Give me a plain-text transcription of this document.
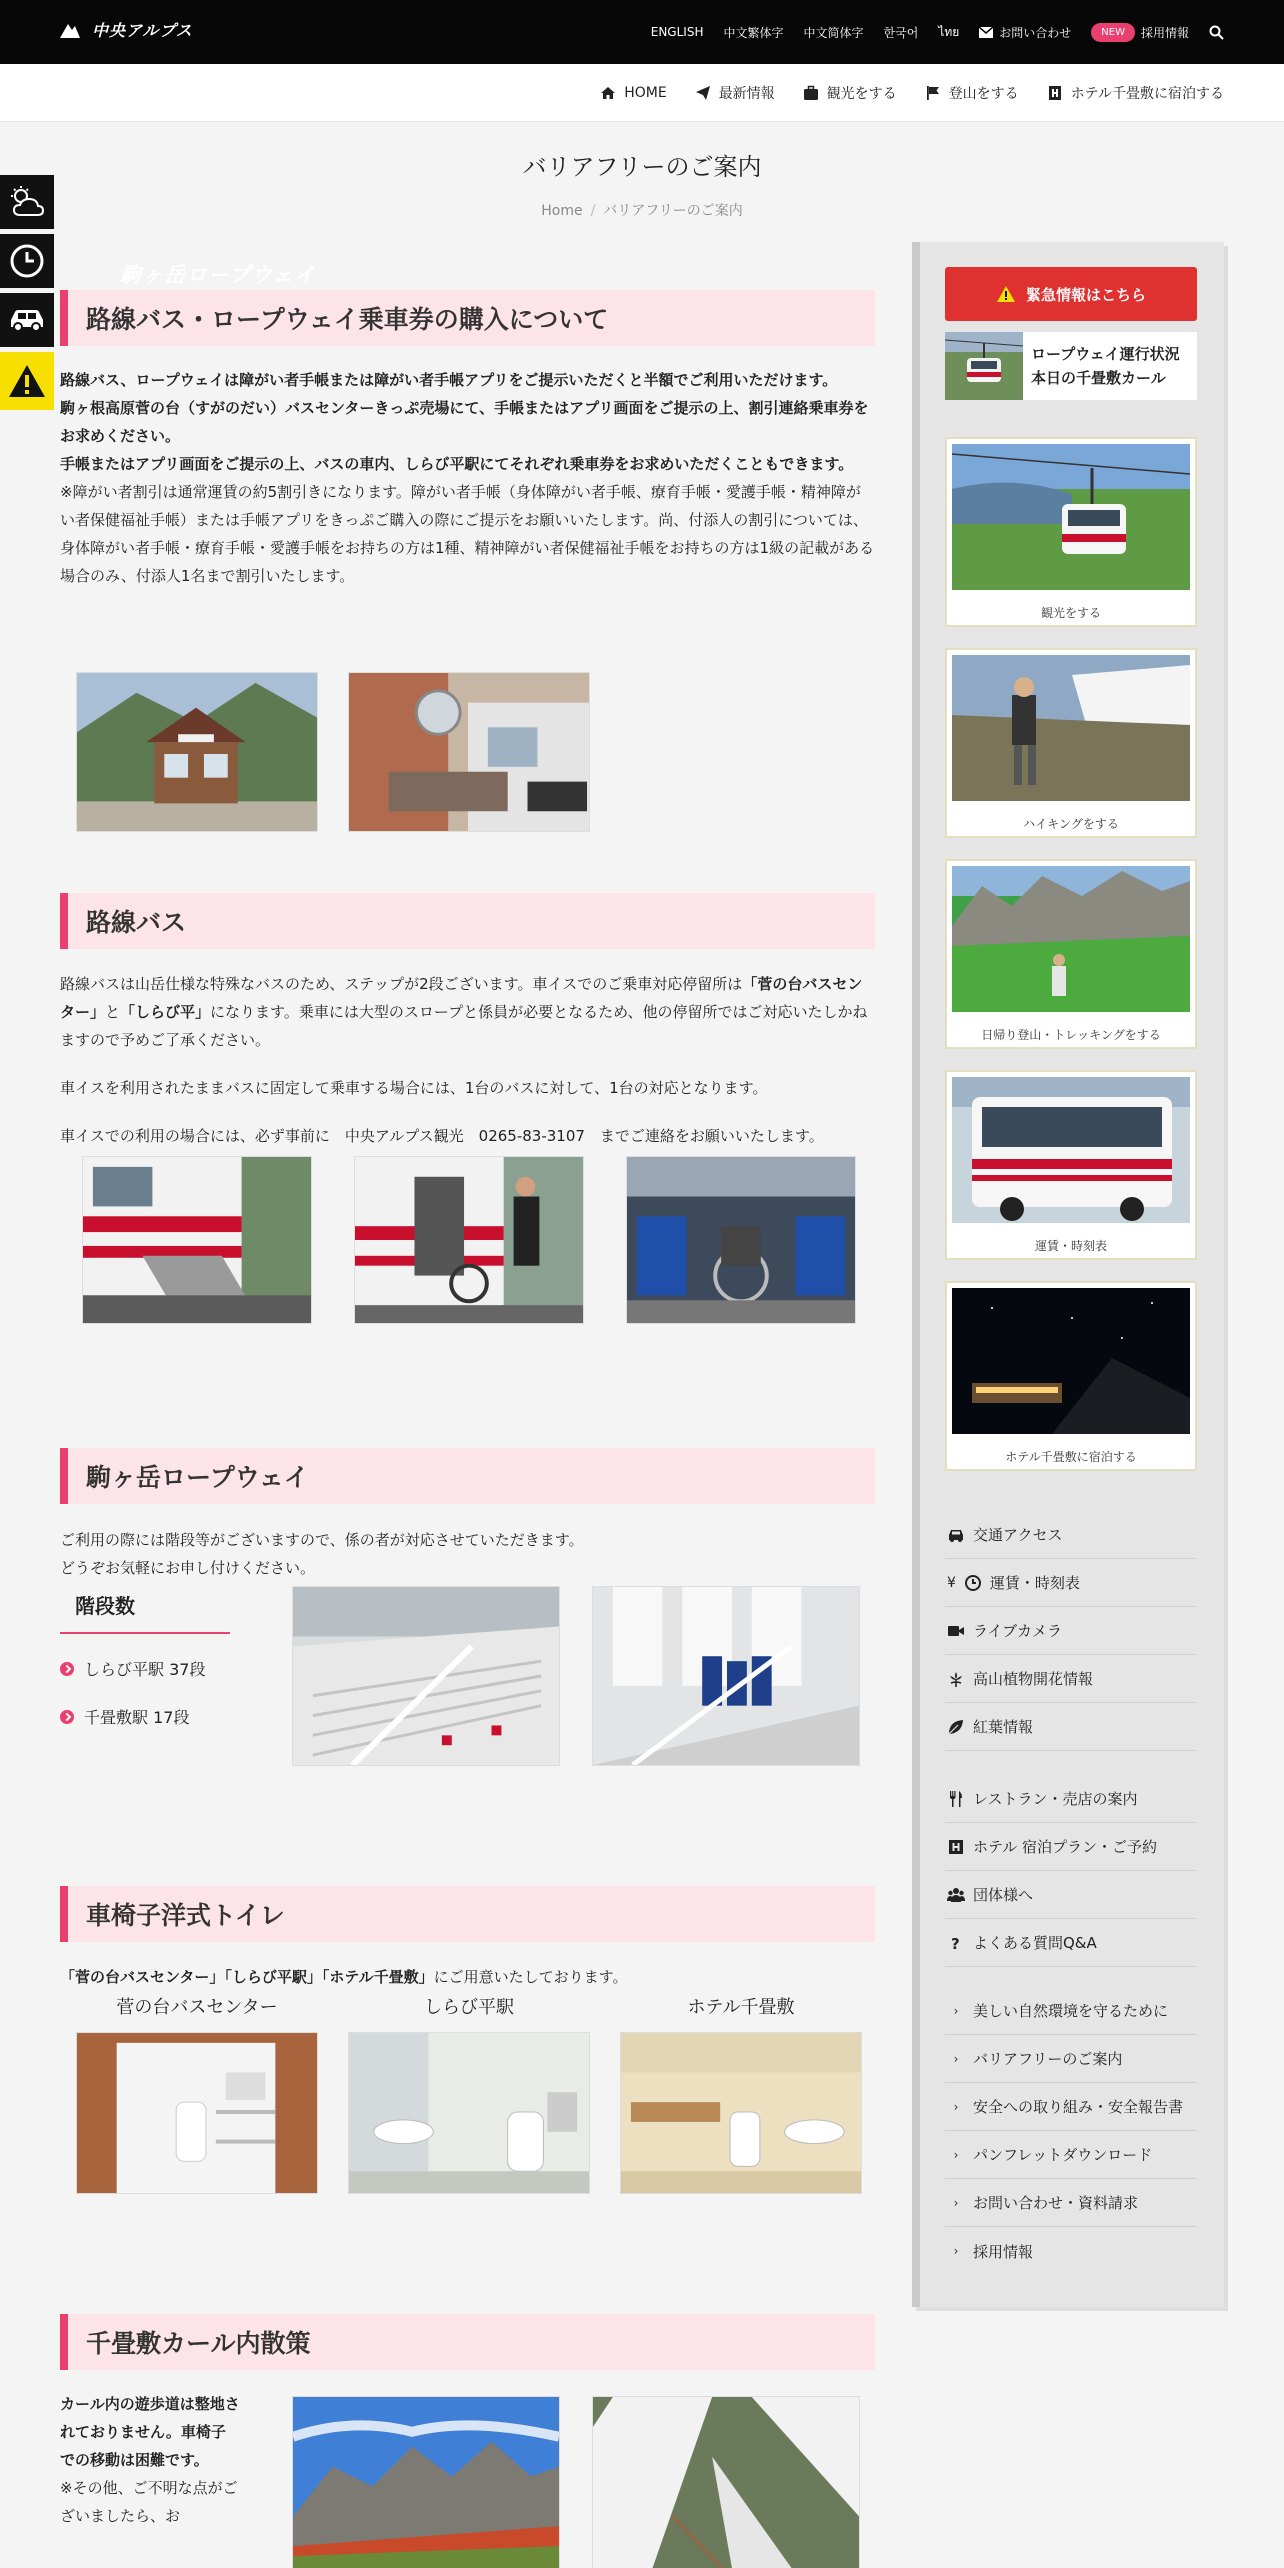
中央アルプス
駒ヶ岳ロープウェイ
ENGLISH 中文繁体字 中文简体字 한국어 ไทย	お問い合わせ	NEW	採用情報
HOME	最新情報	観光をする	登山をする	ホテル千畳敷に宿泊する
バリアフリーのご案内
Home / バリアフリーのご案内
路線バス・ロープウェイ乗車券の購入について
路線バス、ロープウェイは障がい者手帳または障がい者手帳アプリをご提示いただくと半額でご利用いただけます。
駒ヶ根高原菅の台（すがのだい）バスセンターきっぷ売場にて、手帳またはアプリ画面をご提示の上、割引連絡乗車券をお求めください。
手帳またはアプリ画面をご提示の上、バスの車内、しらび平駅にてそれぞれ乗車券をお求めいただくこともできます。
※障がい者割引は通常運賃の約5割引きになります。障がい者手帳（身体障がい者手帳、療育手帳・愛護手帳・精神障がい者保健福祉手帳）または手帳アプリをきっぷご購入の際にご提示をお願いいたします。尚、付添人の割引については、身体障がい者手帳・療育手帳・愛護手帳をお持ちの方は1種、精神障がい者保健福祉手帳をお持ちの方は1級の記載がある場合のみ、付添人1名まで割引いたします。
路線バス
路線バスは山岳仕様な特殊なバスのため、ステップが2段ございます。車イスでのご乗車対応停留所は「菅の台バスセンター」と「しらび平」になります。乗車には大型のスロープと係員が必要となるため、他の停留所ではご対応いたしかねますので予めご了承ください。
車イスを利用されたままバスに固定して乗車する場合には、1台のバスに対して、1台の対応となります。
車イスでの利用の場合には、必ず事前に　中央アルプス観光　0265-83-3107　までご連絡をお願いいたします。
駒ヶ岳ロープウェイ
ご利用の際には階段等がございますので、係の者が対応させていただきます。
どうぞお気軽にお申し付けください。
階段数
しらび平駅 37段
千畳敷駅 17段
車椅子洋式トイレ
「菅の台バスセンター」「しらび平駅」「ホテル千畳敷」にご用意いたしております。
菅の台バスセンター	しらび平駅	ホテル千畳敷
千畳敷カール内散策
カール内の遊歩道は整地されておりません。車椅子での移動は困難です。
※その他、ご不明な点がございましたら、お
緊急情報はこちら
ロープウェイ運行状況
本日の千畳敷カール
観光をする
ハイキングをする
日帰り登山・トレッキングをする
運賃・時刻表
ホテル千畳敷に宿泊する
交通アクセス
¥ 運賃・時刻表
ライブカメラ
高山植物開花情報
紅葉情報
レストラン・売店の案内
ホテル 宿泊プラン・ご予約
団体様へ
? よくある質問Q&A
› 美しい自然環境を守るために
› バリアフリーのご案内
› 安全への取り組み・安全報告書
› パンフレットダウンロード
› お問い合わせ・資料請求
› 採用情報
